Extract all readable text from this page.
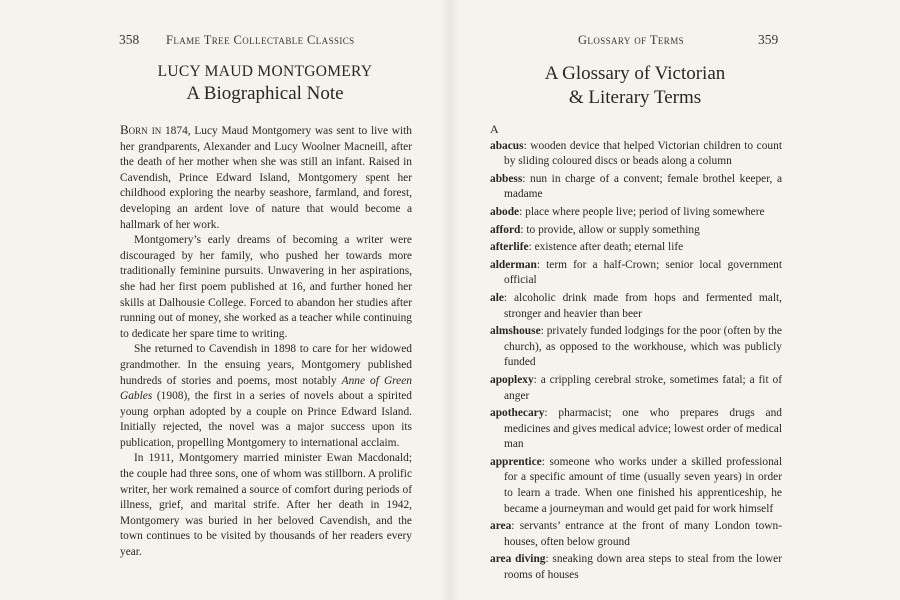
358 Flame Tree Collectable Classics
LUCY MAUD MONTGOMERY
A Biographical Note

Born in 1874, Lucy Maud Montgomery was sent to live with her grandparents, Alexander and Lucy Woolner Macneill, after the death of her mother when she was still an infant. Raised in Cavendish, Prince Edward Island, Montgomery spent her childhood exploring the nearby seashore, farmland, and forest, developing an ardent love of nature that would become a hallmark of her work.

Montgomery’s early dreams of becoming a writer were discouraged by her family, who pushed her towards more traditionally feminine pursuits. Unwavering in her aspirations, she had her first poem published at 16, and further honed her skills at Dalhousie College. Forced to abandon her studies after running out of money, she worked as a teacher while continuing to dedicate her spare time to writing.

She returned to Cavendish in 1898 to care for her widowed grandmother. In the ensuing years, Montgomery published hundreds of stories and poems, most notably Anne of Green Gables (1908), the first in a series of novels about a spirited young orphan adopted by a couple on Prince Edward Island. Initially rejected, the novel was a major success upon its publication, propelling Montgomery to international acclaim.

In 1911, Montgomery married minister Ewan Macdonald; the couple had three sons, one of whom was stillborn. A prolific writer, her work remained a source of comfort during periods of illness, grief, and marital strife. After her death in 1942, Montgomery was buried in her beloved Cavendish, and the town continues to be visited by thousands of her readers every year.

Glossary of Terms	359
A Glossary of Victorian
& Literary Terms
A
abacus: wooden device that helped Victorian children to count by sliding coloured discs or beads along a column
abbess: nun in charge of a convent; female brothel keeper, a madame
abode: place where people live; period of living somewhere
afford: to provide, allow or supply something
afterlife: existence after death; eternal life
alderman: term for a half-Crown; senior local government official
ale: alcoholic drink made from hops and fermented malt, stronger and heavier than beer
almshouse: privately funded lodgings for the poor (often by the church), as opposed to the workhouse, which was publicly funded
apoplexy: a crippling cerebral stroke, sometimes fatal; a fit of anger
apothecary: pharmacist; one who prepares drugs and medicines and gives medical advice; lowest order of medical man
apprentice: someone who works under a skilled professional for a specific amount of time (usually seven years) in order to learn a trade. When one finished his apprenticeship, he became a journeyman and would get paid for work himself
area: servants’ entrance at the front of many London town-houses, often below ground
area diving: sneaking down area steps to steal from the lower rooms of houses
